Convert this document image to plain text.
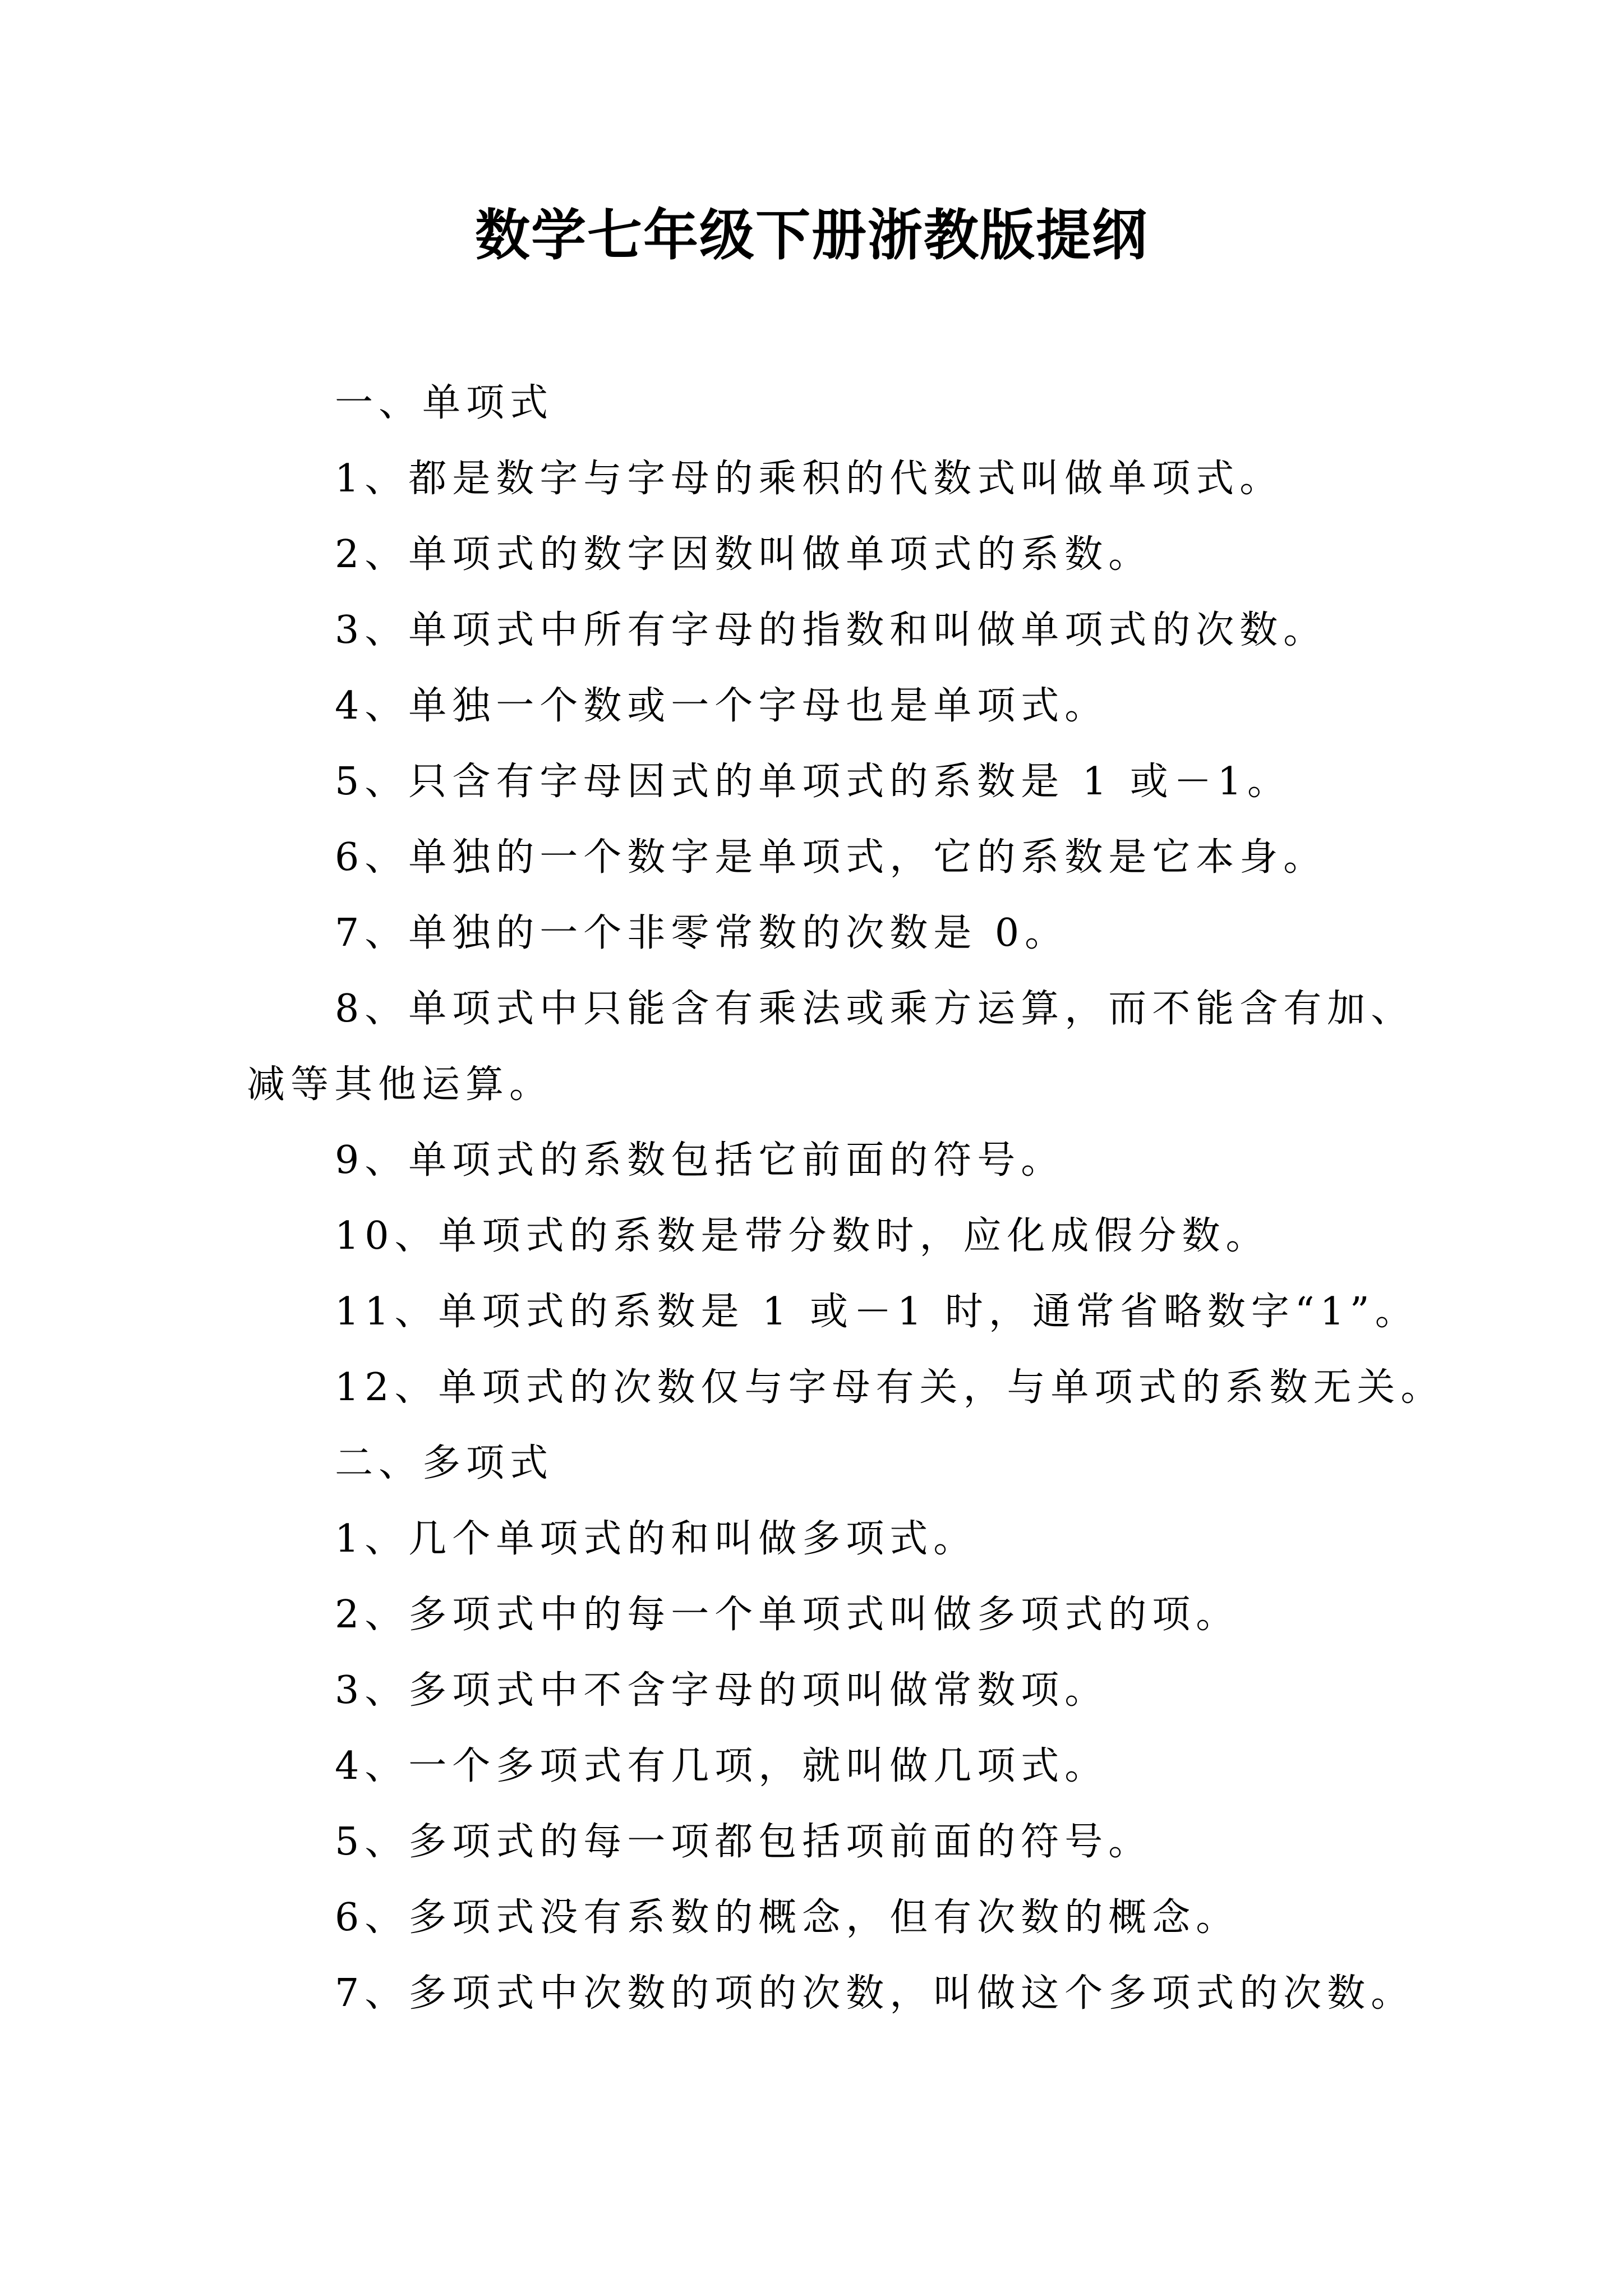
数学七年级下册浙教版提纲

一、单项式

1、都是数字与字母的乘积的代数式叫做单项式。

2、单项式的数字因数叫做单项式的系数。

3、单项式中所有字母的指数和叫做单项式的次数。

4、单独一个数或一个字母也是单项式。

5、只含有字母因式的单项式的系数是 1 或－1。

6、单独的一个数字是单项式，它的系数是它本身。

7、单独的一个非零常数的次数是 0。

8、单项式中只能含有乘法或乘方运算，而不能含有加、

减等其他运算。

9、单项式的系数包括它前面的符号。

10、单项式的系数是带分数时，应化成假分数。

11、单项式的系数是 1 或－1 时，通常省略数字“1”。

12、单项式的次数仅与字母有关，与单项式的系数无关。

二、多项式

1、几个单项式的和叫做多项式。

2、多项式中的每一个单项式叫做多项式的项。

3、多项式中不含字母的项叫做常数项。

4、一个多项式有几项，就叫做几项式。

5、多项式的每一项都包括项前面的符号。

6、多项式没有系数的概念，但有次数的概念。

7、多项式中次数的项的次数，叫做这个多项式的次数。
